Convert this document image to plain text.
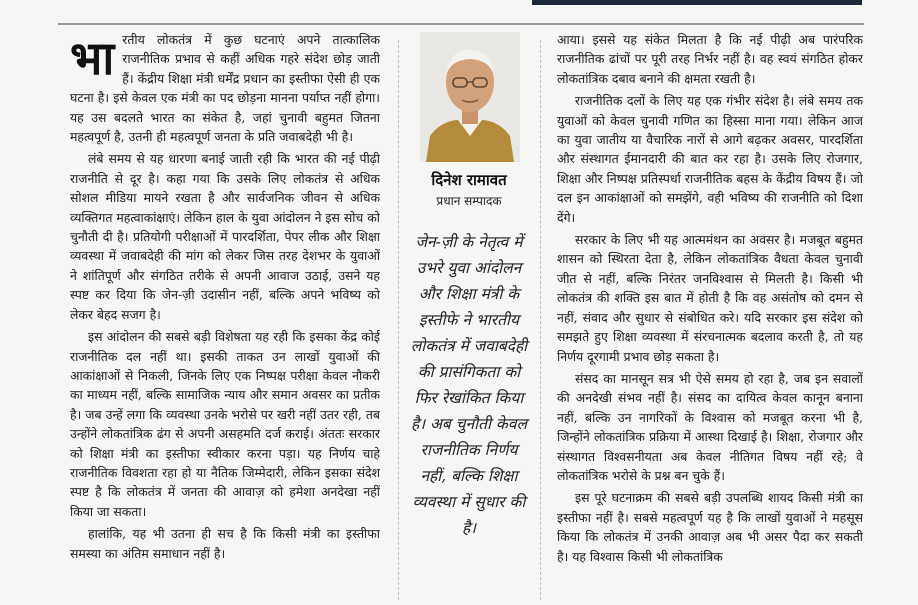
भा रतीय लोकतंत्र में कुछ घटनाएं अपने तात्कालिक राजनीतिक प्रभाव से कहीं अधिक गहरे संदेश छोड़ जाती हैं। केंद्रीय शिक्षा मंत्री धर्मेंद्र प्रधान का इस्तीफा ऐसी ही एक घटना है। इसे केवल एक मंत्री का पद छोड़ना मानना पर्याप्त नहीं होगा। यह उस बदलते भारत का संकेत है, जहां चुनावी बहुमत जितना महत्वपूर्ण है, उतनी ही महत्वपूर्ण जनता के प्रति जवाबदेही भी है।

लंबे समय से यह धारणा बनाई जाती रही कि भारत की नई पीढ़ी राजनीति से दूर है। कहा गया कि उसके लिए लोकतंत्र से अधिक सोशल मीडिया मायने रखता है और सार्वजनिक जीवन से अधिक व्यक्तिगत महत्वाकांक्षाएं। लेकिन हाल के युवा आंदोलन ने इस सोच को चुनौती दी है। प्रतियोगी परीक्षाओं में पारदर्शिता, पेपर लीक और शिक्षा व्यवस्था में जवाबदेही की मांग को लेकर जिस तरह देशभर के युवाओं ने शांतिपूर्ण और संगठित तरीके से अपनी आवाज उठाई, उसने यह स्पष्ट कर दिया कि जेन-ज़ी उदासीन नहीं, बल्कि अपने भविष्य को लेकर बेहद सजग है।

इस आंदोलन की सबसे बड़ी विशेषता यह रही कि इसका केंद्र कोई राजनीतिक दल नहीं था। इसकी ताकत उन लाखों युवाओं की आकांक्षाओं से निकली, जिनके लिए एक निष्पक्ष परीक्षा केवल नौकरी का माध्यम नहीं, बल्कि सामाजिक न्याय और समान अवसर का प्रतीक है। जब उन्हें लगा कि व्यवस्था उनके भरोसे पर खरी नहीं उतर रही, तब उन्होंने लोकतांत्रिक ढंग से अपनी असहमति दर्ज कराई। अंततः सरकार को शिक्षा मंत्री का इस्तीफा स्वीकार करना पड़ा। यह निर्णय चाहे राजनीतिक विवशता रहा हो या नैतिक जिम्मेदारी, लेकिन इसका संदेश स्पष्ट है कि लोकतंत्र में जनता की आवाज़ को हमेशा अनदेखा नहीं किया जा सकता।

हालांकि, यह भी उतना ही सच है कि किसी मंत्री का इस्तीफा समस्या का अंतिम समाधान नहीं है।

दिनेश रामावत
प्रधान सम्पादक
जेन-ज़ी के नेतृत्व में उभरे युवा आंदोलन और शिक्षा मंत्री के इस्तीफे ने भारतीय लोकतंत्र में जवाबदेही की प्रासंगिकता को फिर रेखांकित किया है। अब चुनौती केवल राजनीतिक निर्णय नहीं, बल्कि शिक्षा व्यवस्था में सुधार की है।

आया। इससे यह संकेत मिलता है कि नई पीढ़ी अब पारंपरिक राजनीतिक ढांचों पर पूरी तरह निर्भर नहीं है। वह स्वयं संगठित होकर लोकतांत्रिक दबाव बनाने की क्षमता रखती है।

राजनीतिक दलों के लिए यह एक गंभीर संदेश है। लंबे समय तक युवाओं को केवल चुनावी गणित का हिस्सा माना गया। लेकिन आज का युवा जातीय या वैचारिक नारों से आगे बढ़कर अवसर, पारदर्शिता और संस्थागत ईमानदारी की बात कर रहा है। उसके लिए रोजगार, शिक्षा और निष्पक्ष प्रतिस्पर्धा राजनीतिक बहस के केंद्रीय विषय हैं। जो दल इन आकांक्षाओं को समझेंगे, वही भविष्य की राजनीति को दिशा देंगे।

सरकार के लिए भी यह आत्ममंथन का अवसर है। मजबूत बहुमत शासन को स्थिरता देता है, लेकिन लोकतांत्रिक वैधता केवल चुनावी जीत से नहीं, बल्कि निरंतर जनविश्वास से मिलती है। किसी भी लोकतंत्र की शक्ति इस बात में होती है कि वह असंतोष को दमन से नहीं, संवाद और सुधार से संबोधित करे। यदि सरकार इस संदेश को समझते हुए शिक्षा व्यवस्था में संरचनात्मक बदलाव करती है, तो यह निर्णय दूरगामी प्रभाव छोड़ सकता है।

संसद का मानसून सत्र भी ऐसे समय हो रहा है, जब इन सवालों की अनदेखी संभव नहीं है। संसद का दायित्व केवल कानून बनाना नहीं, बल्कि उन नागरिकों के विश्वास को मजबूत करना भी है, जिन्होंने लोकतांत्रिक प्रक्रिया में आस्था दिखाई है। शिक्षा, रोजगार और संस्थागत विश्वसनीयता अब केवल नीतिगत विषय नहीं रहे; वे लोकतांत्रिक भरोसे के प्रश्न बन चुके हैं।

इस पूरे घटनाक्रम की सबसे बड़ी उपलब्धि शायद किसी मंत्री का इस्तीफा नहीं है। सबसे महत्वपूर्ण यह है कि लाखों युवाओं ने महसूस किया कि लोकतंत्र में उनकी आवाज़ अब भी असर पैदा कर सकती है। यह विश्वास किसी भी लोकतांत्रिक
